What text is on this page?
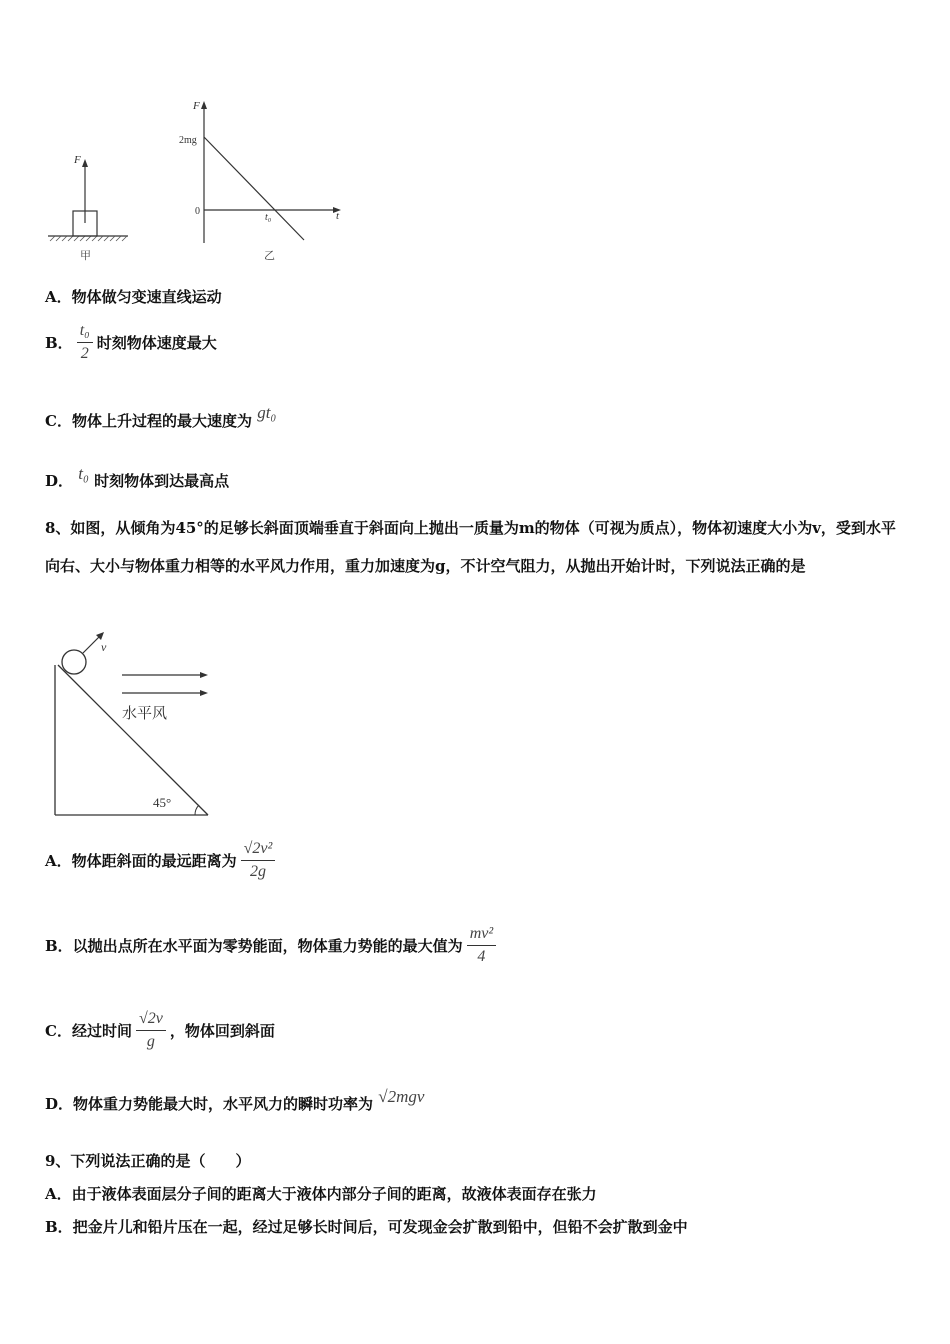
F
甲
F
t
2mg
0
t₀
乙
A．物体做匀变速直线运动
B． $\frac{\text{t₀}}{2}$ 时刻物体速度最大
C．物体上升过程的最大速度为 gt₀
D． t₀ 时刻物体到达最高点
8、如图，从倾角为45°的足够长斜面顶端垂直于斜面向上抛出一质量为m的物体（可视为质点），物体初速度大小为v，受到水平向右、大小与物体重力相等的水平风力作用，重力加速度为g，不计空气阻力，从抛出开始计时，下列说法正确的是
v
水平风
45°
A．物体距斜面的最远距离为 $\frac{\text{√2v²}}{2g}$
B．以抛出点所在水平面为零势能面，物体重力势能的最大值为 $\frac{\text{mv²}}{4}$
C．经过时间 $\frac{√2v}{g}$ ，物体回到斜面
D．物体重力势能最大时，水平风力的瞬时功率为 √2mgv
9、下列说法正确的是（　　）
A．由于液体表面层分子间的距离大于液体内部分子间的距离，故液体表面存在张力
B．把金片儿和铅片压在一起，经过足够长时间后，可发现金会扩散到铅中，但铅不会扩散到金中
